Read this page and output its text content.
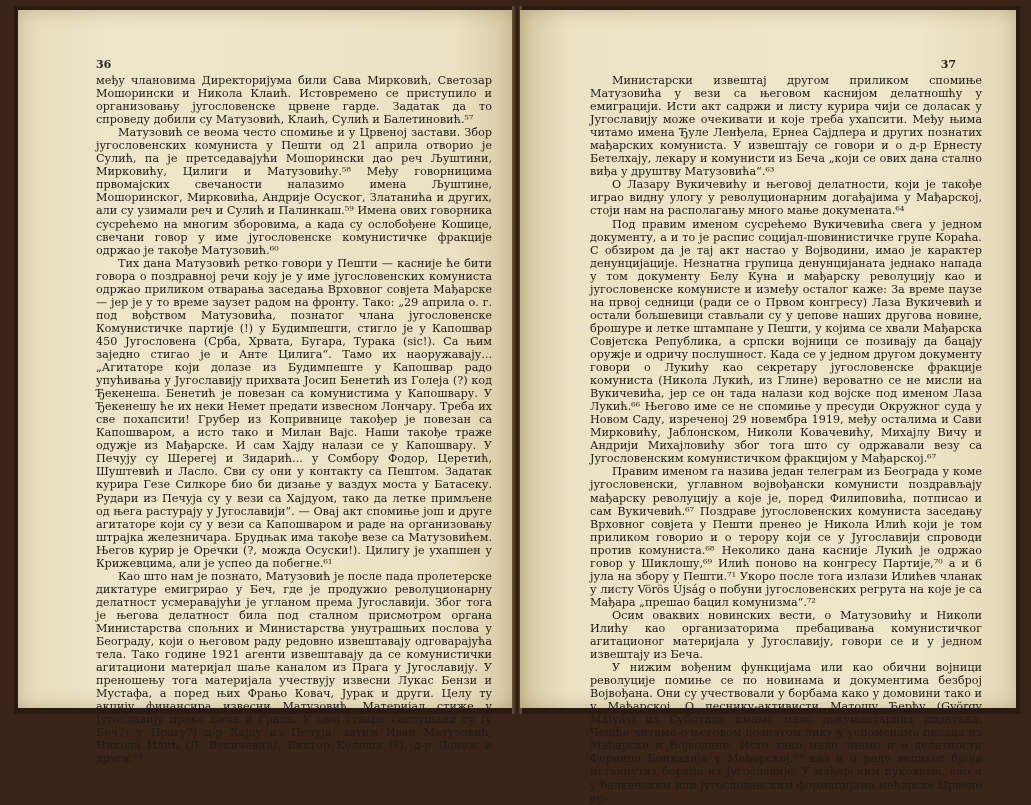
36

међу члановима Директоријума били Сава Мирковић, Светозар Мошорински и Никола Клаић. Истовремено се приступило и организовању југословенске црвене гарде. Задатак да то спроведу добили су Матузовић, Клаић, Сулић и Балетиновић.⁵⁷

Матузовић се веома често спомиње и у Црвеној застави. Збор југословенских комуниста у Пешти од 21 априла отворио је Сулић, па је претседавајући Мошорински дао реч Љуштини, Мирковићу, Цилиги и Матузовићу.⁵⁸ Међу говорницима првомајских свечаности налазимо имена Љуштине, Мошоринског, Мирковића, Андрије Осуског, Златанића и других, али су узимали реч и Сулић и Палинкаш.⁵⁹ Имена ових говорника сусрећемо на многим зборовима, а када су ослобођене Кошице, свечани говор у име југословенске комунистичке фракције одржао је такође Матузовић.⁶⁰

Тих дана Матузовић ретко говори у Пешти — касније ће бити говора о поздравној речи коју је у име југословенских комуниста одржао приликом отварања заседања Врховног совјета Мађарске — јер је у то време заузет радом на фронту. Тако: „29 априла о. г. под вођством Матузовића, познатог члана југословенске Комунистичке партије (!) у Будимпешти, стигло је у Капошвар 450 Југословена (Срба, Хрвата, Бугара, Турака (sic!). Са њим заједно стигао је и Анте Цилига“. Тамо их наоружавају... „Агитаторе који долазе из Будимпеште у Капошвар радо упућивања у Југославију прихвата Јосип Бенетић из Голеја (?) код Ђекенеша. Бенетић је повезан са комунистима у Капошвару. У Ђекенешу ће их неки Немет предати извесном Лончару. Треба их све похапсити! Грубер из Копривнице такођер је повезан са Капошваром, а исто тако и Милан Вајс. Наши такође траже одужје из Мађарске. И сам Хајду налази се у Капошвару. У Печују су Шерегеј и Зидарић... у Сомбору Фодор, Церетић, Шуштевић и Ласло. Сви су они у контакту са Пештом. Задатак курира Гезе Силкоре био би дизање у ваздух моста у Батасеку. Рудари из Печуја су у вези са Хајдуом, тако да летке примљене од њега растурају у Југославији“. — Овај акт спомиње још и друге агитаторе који су у вези са Капошваром и раде на организовању штрајка железничара. Брудњак има такође везе са Матузовићем. Његов курир је Оречки (?, можда Осуски!). Цилигу је ухапшен у Крижевцима, али је успео да побегне.⁶¹

Као што нам је познато, Матузовић је после пада пролетерске диктатуре емигрирао у Беч, где је продужио револуционарну делатност усмеравајући је угланом према Југославији. Због тога је његова делатност била под сталном присмотром органа Министарства спољних и Министарства унутрашњих послова у Београду, који о његовом раду редовно извештавају одговарајућа тела. Тако године 1921 агенти извештавају да се комунистички агитациони материјал шаље каналом из Прага у Југославију. У преношењу тога материјала учествују извесни Лукас Бензи и Мустафа, а поред њих Фрањо Ковач, Јурак и други. Целу ту акцију финансира извесни Матузовић. Материјал стиже у Југославију преко Беча и Граца. У овој ствари саслушани су (у Беч?) у Прагу?) д-р Хајду из Печуја, затим Иван Матузовић, Никола Илић (Л. Вукичевић), Виктор Келеша (?), д-р Ленеж и други.⁶²

37

Министарски извештај другом приликом спомиње Матузовића у вези са његовом каснијом делатношћу у емиграцији. Исти акт садржи и листу курира чији се доласак у Југославију може очекивати и које треба ухапсити. Међу њима читамо имена Ђуле Ленђела, Ернеа Сајдлера и других познатих мађарских комуниста. У извештају се говори и о д-р Ернесту Бетелхају, лекару и комунисти из Беча „који се овиx дана стално виђа у друштву Матузовића“.⁶³

О Лазару Вукичевићу и његовој делатности, који је такође играо видну улогу у револуционарним догађајима у Мађарској, стоји нам на располагању много мање докумената.⁶⁴

Под правим именом сусрећемо Вукичевића свега у једном документу, а и то је распис социјал-шовинистичке групе Кораћа. С обзиром да је тај акт настао у Војводини, имао је карактер денунцијације. Незнатна групица денунцијаната једнако напада у том документу Белу Куна и мађарску револуцију као и југословенске комунисте и између осталог каже: За време паузе на првој седници (ради се о Првом конгресу) Лаза Вукичевић и остали бољшевици стављали су у џепове наших другова новине, брошуре и летке штампане у Пешти, у којима се хвали Мађарска Совјетска Република, а српски војници се позивају да бацају оружје и одричу послушност. Када се у једном другом документу говори о Лукићу као секретару југословенске фракције комуниста (Никола Лукић, из Глине) вероватно се не мисли на Вукичевића, јер се он тада налази код војске под именом Лаза Лукић.⁶⁶ Његово име се не спомиње у пресуди Окружног суда у Новом Саду, изреченој 29 новембра 1919, међу осталима и Сави Мирковићу, Јаблонском, Николи Ковачевићу, Михајлу Вичу и Андрији Михајловићу због тога што су одржавали везу са Југословенским комунистичком фракцијом у Мађарској.⁶⁷

Правим именом га назива један телеграм из Београда у коме југословенски, углавном војвођански комунисти поздрављају мађарску револуцију а које је, поред Филиповића, потписао и сам Вукичевић.⁶⁷ Поздраве југословенских комуниста заседању Врховног совјета у Пешти пренео је Никола Илић који је том приликом говорио и о терору који се у Југославији спроводи против комуниста.⁶⁸ Неколико дана касније Лукић је одржао говор у Шиклошу,⁶⁹ Илић поново на конгресу Партије,⁷⁰ а и 6 јула на збору у Пешти.⁷¹ Укоро после тога излази Илићев чланак у листу Vörös Újság о побуни југословенских регрута на које је са Мађара „прешао бацил комунизма“.⁷²

Осим оваквих новинских вести, о Матузовићу и Николи Илићу као организаторима пребацивања комунистичког агитационог материјала у Југославију, говори се и у једном извештају из Беча.

У нижим вођеним функцијама или као обични војници револуције помиње се по новинама и документима безброј Војвођана. Они су учествовали у борбама како у домовини тако и у Мађарској. О песнику-активисти Матошу Ђерђу (György Mátyás) из Суботице имамо мало документарних података: Чешће читамо о његовом познатом лику у успоменама писаца из Мађарске и Војводине. Исто тако мало знамо и о делатности Ференца Бонхадија у Мађарској,⁷³ као и о раду великог броја истакнутих бораца из Југославије. У мађарским пуковима, као и у балканским или југословенским формацијама мађарске Црвене ар-
